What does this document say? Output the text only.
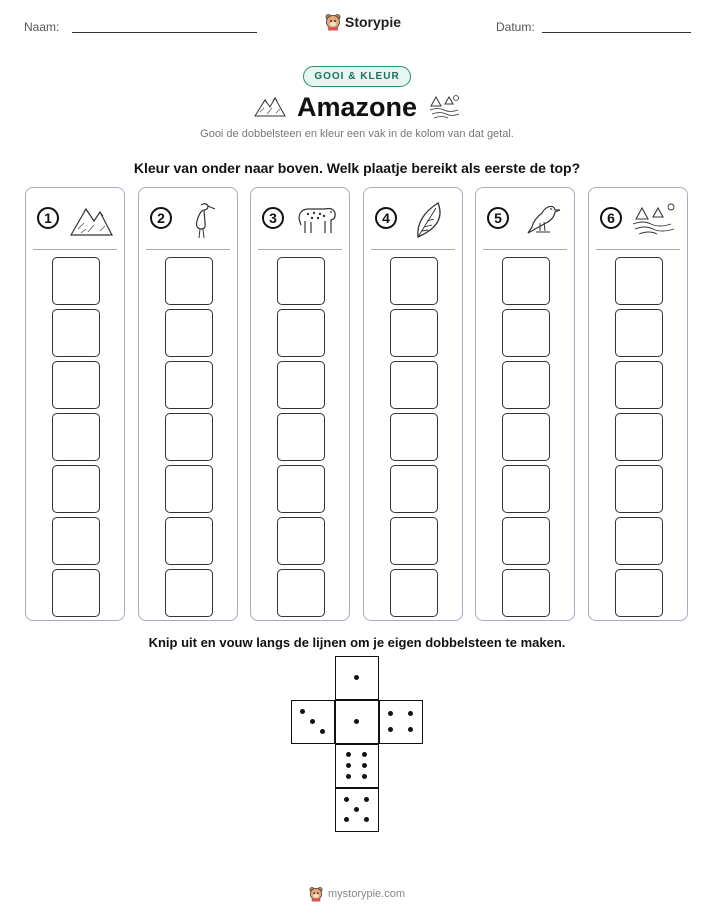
Naam:	Storypie	Datum:
GOOI & KLEUR
Amazone
Gooi de dobbelsteen en kleur een vak in de kolom van dat getal.
Kleur van onder naar boven. Welk plaatje bereikt als eerste de top?
1	2	3	4	5	6
Knip uit en vouw langs de lijnen om je eigen dobbelsteen te maken.
mystorypie.com
